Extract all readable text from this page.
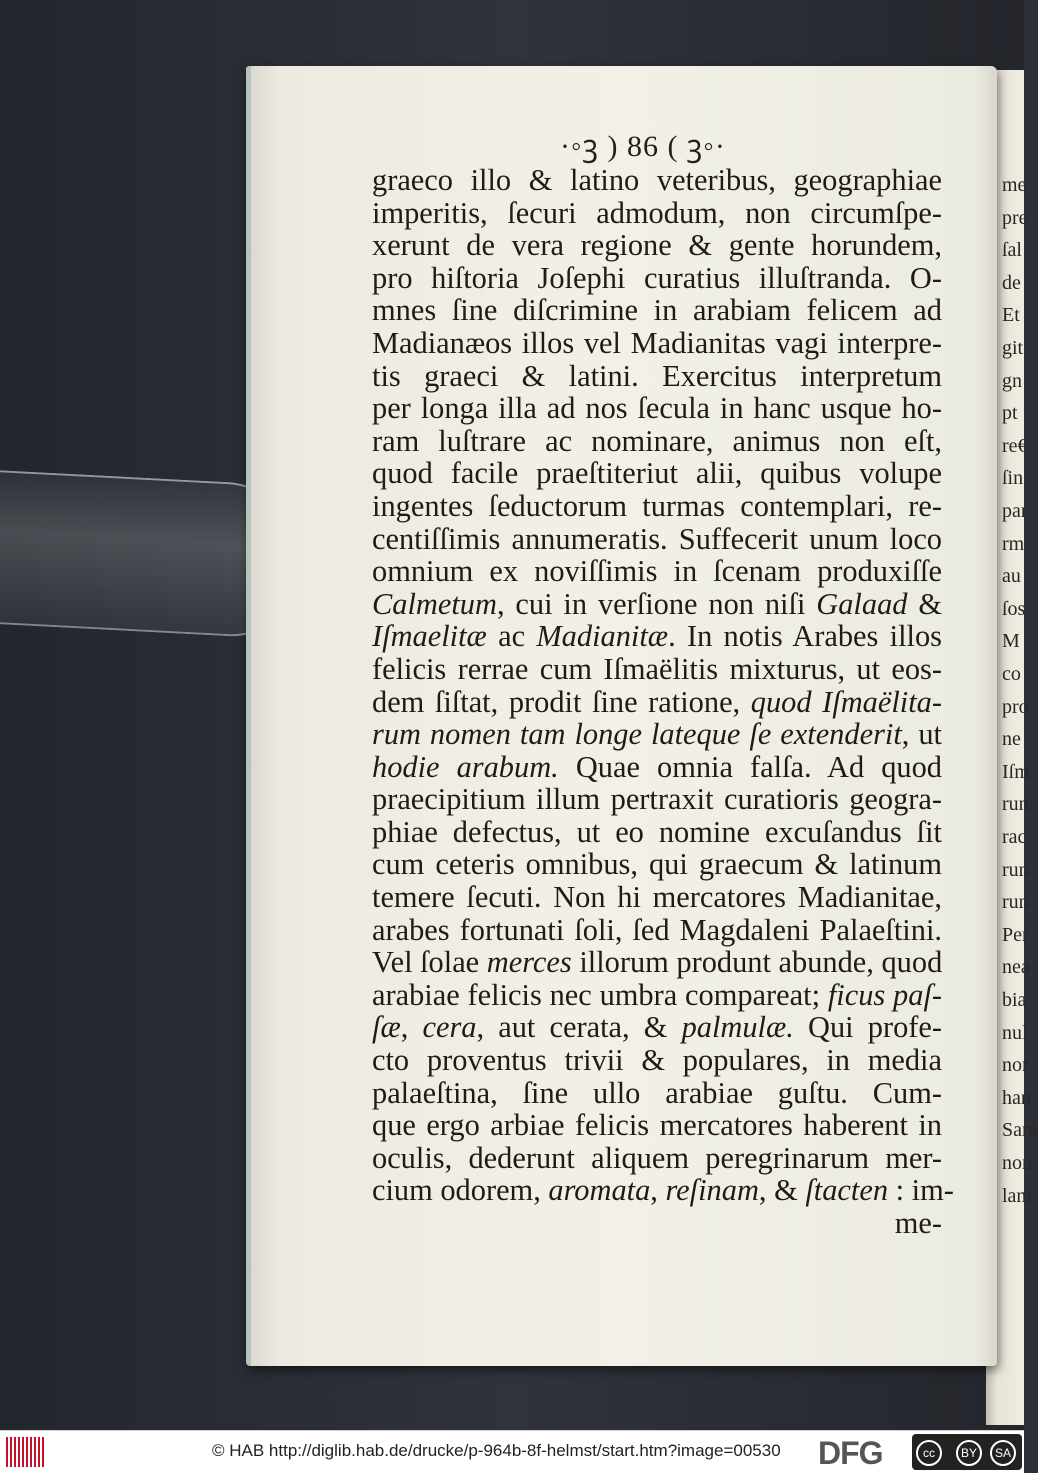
me
pre
ſal
de
Et
git
gn
pt
re€
ſin
par
rm
au
ſos
M
co
pro
ne
Iſm
run
rac
run
run
Per
nea
bia
nul
nor
han
Sara
non
lani
·◦ꝫ ) 86 ( ꝫ◦·
graeco illo & latino veteribus, geographiae
imperitis, ſecuri admodum, non circumſpe-
xerunt de vera regione & gente horundem,
pro hiſtoria Joſephi curatius illuſtranda. O-
mnes ſine diſcrimine in arabiam felicem ad
Madianæos illos vel Madianitas vagi interpre-
tis graeci & latini. Exercitus interpretum
per longa illa ad nos ſecula in hanc usque ho-
ram luſtrare ac nominare, animus non eſt,
quod facile praeſtiteriut alii, quibus volupe
ingentes ſeductorum turmas contemplari, re-
centiſſimis annumeratis. Suffecerit unum loco
omnium ex noviſſimis in ſcenam produxiſſe
Calmetum, cui in verſione non niſi Galaad &
Iſmaelitæ ac Madianitæ. In notis Arabes illos
felicis rerrae cum Iſmaëlitis mixturus, ut eos-
dem ſiſtat, prodit ſine ratione, quod Iſmaëlita-
rum nomen tam longe lateque ſe extenderit, ut
hodie arabum. Quae omnia falſa. Ad quod
praecipitium illum pertraxit curatioris geogra-
phiae defectus, ut eo nomine excuſandus ſit
cum ceteris omnibus, qui graecum & latinum
temere ſecuti. Non hi mercatores Madianitae,
arabes fortunati ſoli, ſed Magdaleni Palaeſtini.
Vel ſolae merces illorum produnt abunde, quod
arabiae felicis nec umbra compareat; ficus paſ-
ſæ, cera, aut cerata, & palmulæ. Qui profe-
cto proventus trivii & populares, in media
palaeſtina, ſine ullo arabiae guſtu. Cum-
que ergo arbiae felicis mercatores haberent in
oculis, dederunt aliquem peregrinarum mer-
cium odorem, aromata, reſinam, & ſtacten : im-
me-
© HAB http://diglib.hab.de/drucke/p-964b-8f-helmst/start.htm?image=00530 DFG	cc	BY	SA
